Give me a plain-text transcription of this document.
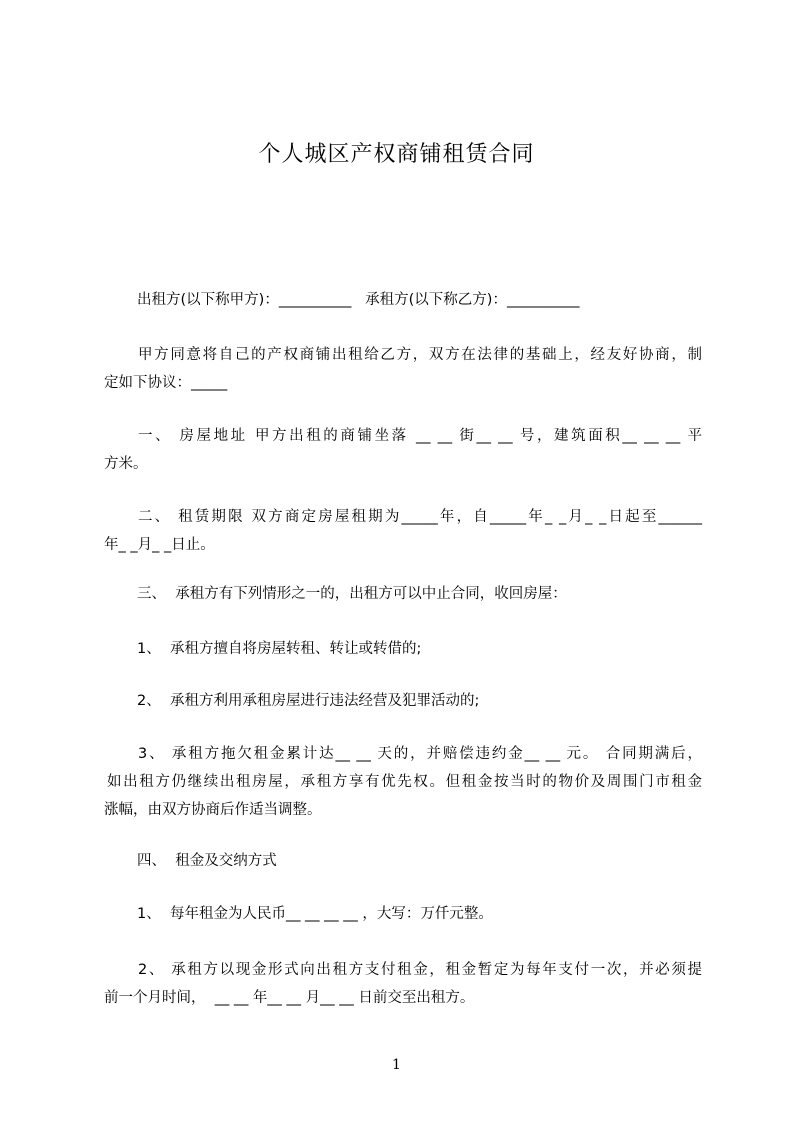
个人城区产权商铺租赁合同
出租方(以下称甲方)：__________   承租方(以下称乙方)：__________
甲方同意将自己的产权商铺出租给乙方，双方在法律的基础上，经友好协商，制
定如下协议：_____
一、 房屋地址 甲方出租的商铺坐落 __ __ 街__ __ 号，建筑面积__ __ __ 平
方米。
二、 租赁期限 双方商定房屋租期为_____年，自_____年_ _月_ _日起至______
年_ _月_ _日止。
三、  承租方有下列情形之一的，出租方可以中止合同，收回房屋：
1、  承租方擅自将房屋转租、转让或转借的;
2、  承租方利用承租房屋进行违法经营及犯罪活动的;
3、 承租方拖欠租金累计达__ __ 天的，并赔偿违约金__ __ 元。 合同期满后，
如出租方仍继续出租房屋，承租方享有优先权。但租金按当时的物价及周围门市租金
涨幅，由双方协商后作适当调整。
四、  租金及交纳方式
1、  每年租金为人民币__ __ __ __ ，大写：万仟元整。
2、 承租方以现金形式向出租方支付租金，租金暂定为每年支付一次，并必须提
前一个月时间，  __ __ 年__ __ 月__ __ 日前交至出租方。
1
